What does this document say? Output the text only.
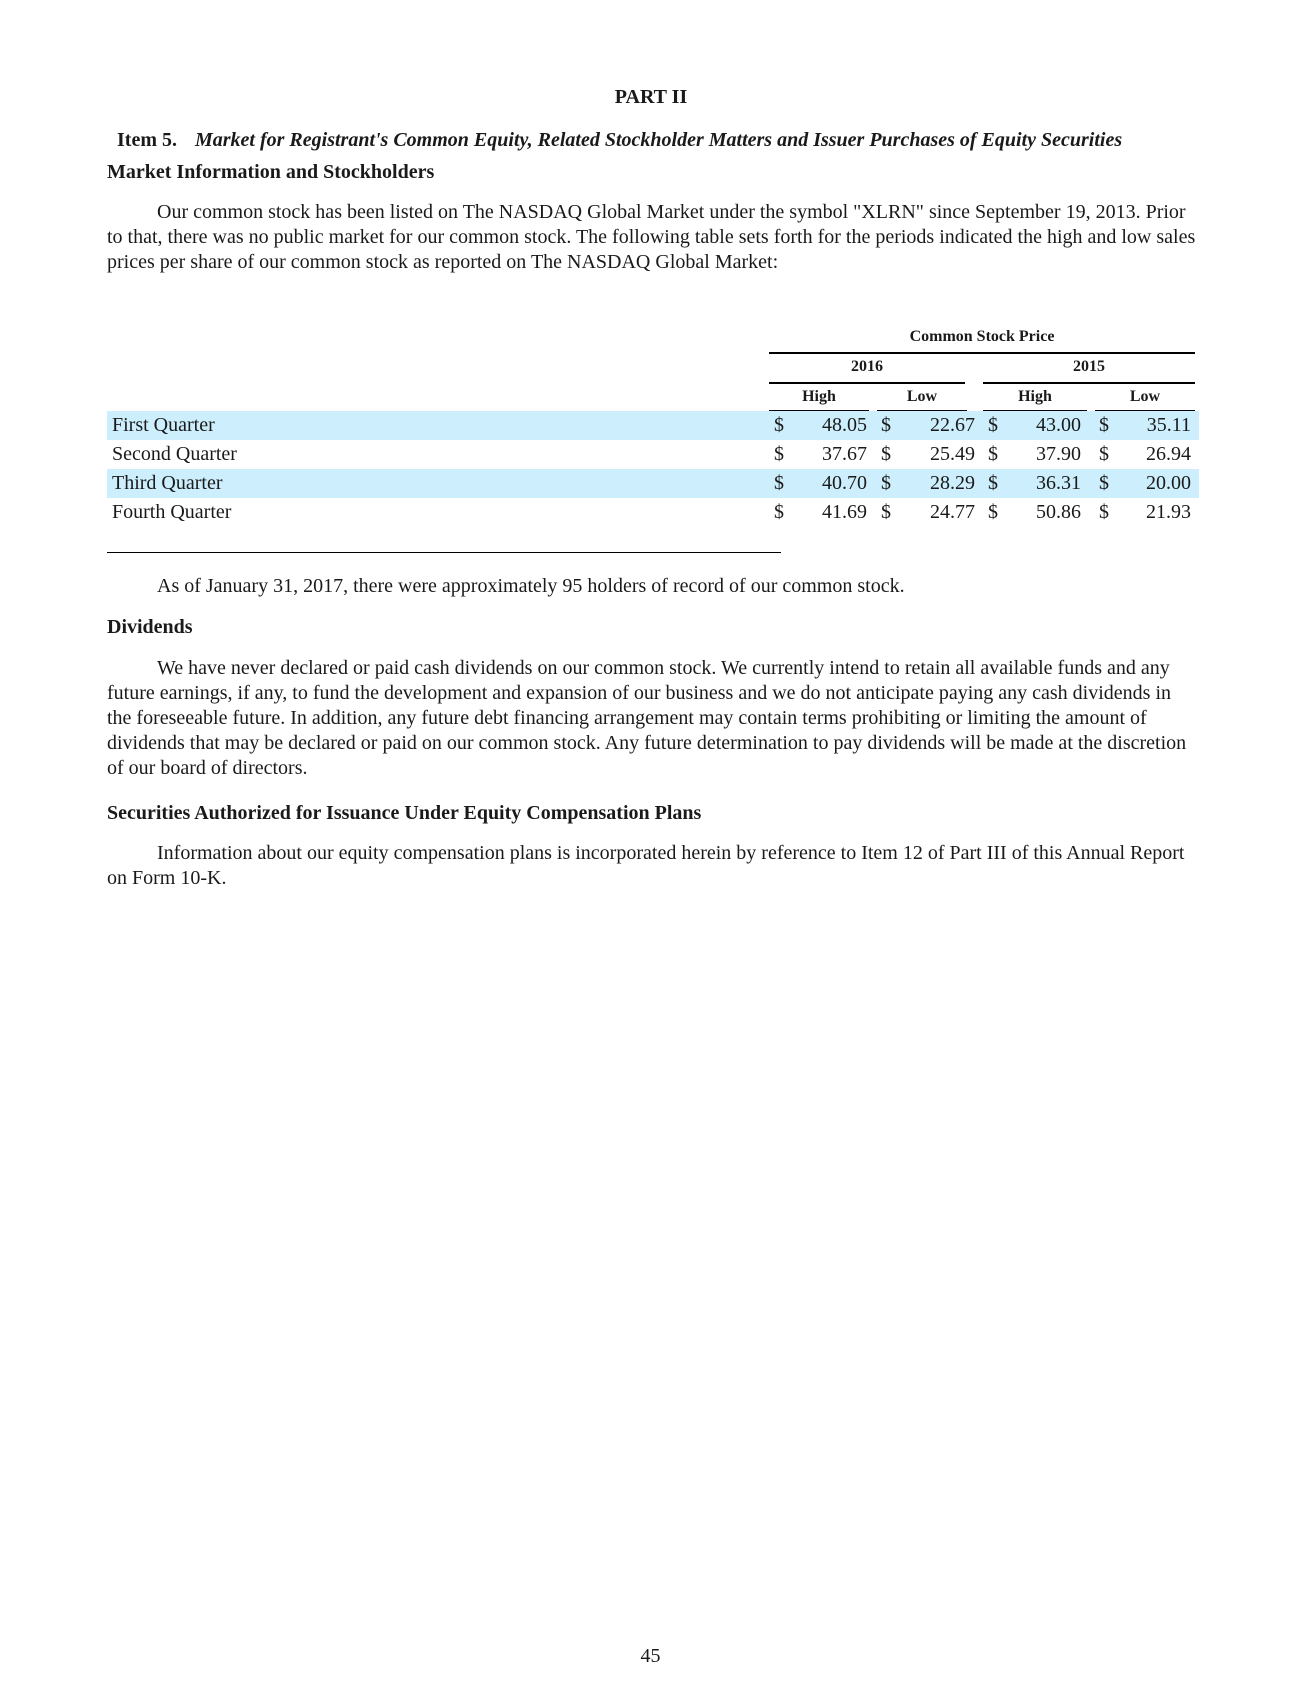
PART II
Item 5. Market for Registrant's Common Equity, Related Stockholder Matters and Issuer Purchases of Equity Securities
Market Information and Stockholders

Our common stock has been listed on The NASDAQ Global Market under the symbol "XLRN" since September 19, 2013. Prior to that, there was no public market for our common stock. The following table sets forth for the periods indicated the high and low sales prices per share of our common stock as reported on The NASDAQ Global Market:

Common Stock Price
2016	2015
High	Low	High	Low
First Quarter	$	48.05 $	22.67 $	43.00 $	35.11
Second Quarter	$	37.67 $	25.49 $	37.90 $	26.94
Third Quarter	$	40.70 $	28.29 $	36.31 $	20.00
Fourth Quarter	$	41.69 $	24.77 $	50.86 $	21.93

As of January 31, 2017, there were approximately 95 holders of record of our common stock.

Dividends

We have never declared or paid cash dividends on our common stock. We currently intend to retain all available funds and any future earnings, if any, to fund the development and expansion of our business and we do not anticipate paying any cash dividends in the foreseeable future. In addition, any future debt financing arrangement may contain terms prohibiting or limiting the amount of dividends that may be declared or paid on our common stock. Any future determination to pay dividends will be made at the discretion of our board of directors.

Securities Authorized for Issuance Under Equity Compensation Plans

Information about our equity compensation plans is incorporated herein by reference to Item 12 of Part III of this Annual Report on Form 10-K.

45
